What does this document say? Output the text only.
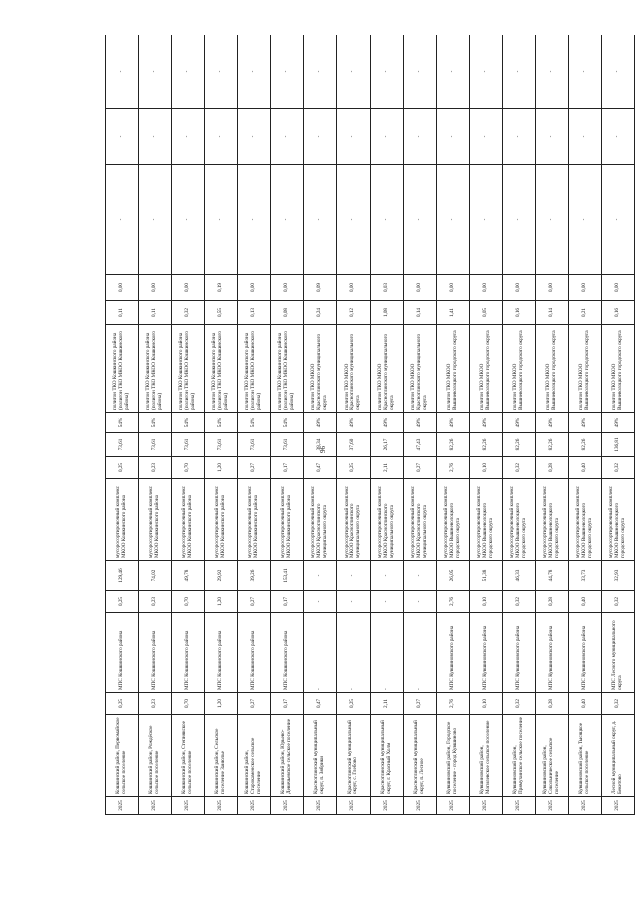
96
2025	Кошкинский район, Первомайское сельское поселение	0,25	МПС Кошкинского района	0,25	129,46	мусоросортировочный комплекс МКОО Кошкинского района	0,25	73,61	54%	полигон ТКО Кошкинского района (полигон ТКО МКОО Кошкинского района)	0,11	0,00	-	-	-
2025	Кошкинский район, Рождёское сельское поселение	0,23	МПС Кошкинского района	0,23	74,02	мусоросортировочный комплекс МКОО Кошкинского района	0,23	73,61	54%	полигон ТКО Кошкинского района (полигон ТКО МКОО Кошкинского района)	0,11	0,00	-	-	-
2025	Кошкинский район, Степнякское сельское поселение	0,70	МПС Кошкинского района	0,70	49,78	мусоросортировочный комплекс МКОО Кошкинского района	0,70	73,61	54%	полигон ТКО Кошкинского района (полигон ТКО МКОО Кошкинского района)	0,32	0,00	-	-	-
2025	Кошкинский район, Сельское поселение Заиюльe	1,20	МПС Кошкинского района	1,20	29,92	мусоросортировочный комплекс МКОО Кошкинского района	1,20	73,61	54%	полигон ТКО Кошкинского района (полигон ТКО МКОО Кошкинского района)	0,55	0,19	-	-	-
2025	Кошкинский район, Старокаменское сельское поселение	0,27	МПС Кошкинского района	0,27	39,26	мусоросортировочный комплекс МКОО Кошкинского района	0,27	73,61	54%	полигон ТКО Кошкинского района (полигон ТКО МКОО Кошкинского района)	0,13	0,00	-	-	-
2025	Кошкинский район, Юрьево-Девичьевское сельское поселение	0,17	МПС Кошкинского района	0,17	153,41	мусоросортировочный комплекс МКОО Кошкинского района	0,17	73,61	54%	полигон ТКО Кошкинского района (полигон ТКО МКОО Кошкинского района)	0,08	0,00	-	-	-
2025	Красноглинский муниципальный округ, п. Зябрики	0,47	-	-	-	мусоросортировочный комплекс МКОО Красноглинского муниципального округа	0,47	38,34	49%	полигон ТКО МКОО Красноглинского муниципального округа	0,24	0,09	-	-	-
2025	Красноглинский муниципальный округ, с. Глебово	0,25	-	-	-	мусоросортировочный комплекс МКОО Красноглинского муниципального округа	0,25	37,60	49%	полигон ТКО МКОО Красноглинского муниципального округа	0,12	0,00	-	-	-
2025	Красноглинский муниципальный округ, г. Красный Холм	2,11	-	-	-	мусоросортировочный комплекс МКОО Красноглинского муниципального округа	2,11	26,17	49%	полигон ТКО МКОО Красноглинского муниципального округа	1,08	0,03	-	-	-
2025	Красноглинский муниципальный округ, п. Лесное	0,27	-	-	-	мусоросортировочный комплекс МКОО Красноглинского муниципального округа	0,27	47,43	49%	полигон ТКО МКОО Красноглинского муниципального округа	0,14	0,00	-	-	-
2025	Кувшиновский район, Городское поселение - город Кувшиново	2,76	МПС Кувшиновского района	2,76	26,05	мусоросортировочный комплекс МКОО Вышневолоцкого городского округа	2,76	82,26	49%	полигон ТКО МКОО Вышневолоцкого городского округа	1,41	0,00	-	-	-
2025	Кувшиновский район, Могилевское сельское поселение	0,10	МПС Кувшиновского района	0,10	51,38	мусоросортировочный комплекс МКОО Вышневолоцкого городского округа	0,10	82,26	49%	полигон ТКО МКОО Вышневолоцкого городского округа	0,05	0,00	-	-	-
2025	Кувшиновский район, Прямухинское сельское поселение	0,32	МПС Кувшиновского района	0,32	46,33	мусоросортировочный комплекс МКОО Вышневолоцкого городского округа	0,32	82,26	49%	полигон ТКО МКОО Вышневолоцкого городского округа	0,16	0,00	-	-	-
2025	Кувшиновский район, Сокольническое сельское поселение	0,28	МПС Кувшиновского района	0,28	44,78	мусоросортировочный комплекс МКОО Вышневолоцкого городского округа	0,28	82,26	49%	полигон ТКО МКОО Вышневолоцкого городского округа	0,14	0,00	-	-	-
2025	Кувшиновский район, Тысяцкое сельское поселение	0,40	МПС Кувшиновского района	0,40	33,73	мусоросортировочный комплекс МКОО Вышневолоцкого городского округа	0,40	82,26	49%	полигон ТКО МКОО Вышневолоцкого городского округа	0,21	0,00	-	-	-
2025	Лесной муниципальный округ, д. Бекетово	0,32	МПС Лесного муниципального округа	0,32	32,93	мусоросортировочный комплекс МКОО Вышневолоцкого городского округа	0,32	136,81	49%	полигон ТКО МКОО Вышневолоцкого городского округа	0,16	0,00	-	-	-
